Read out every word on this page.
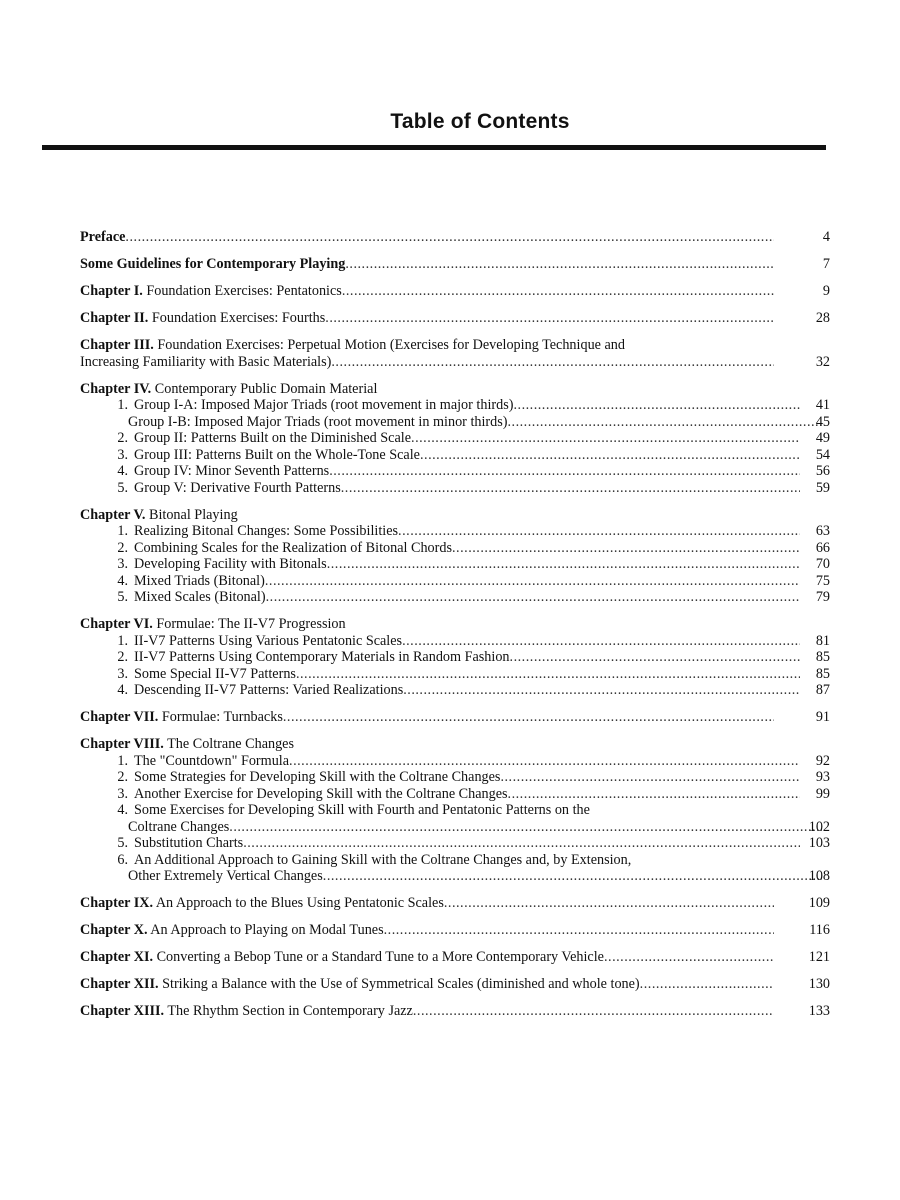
Table of Contents
Preface .....	4
Some Guidelines for Contemporary Playing .....	7
Chapter I. Foundation Exercises: Pentatonics .....	9
Chapter II. Foundation Exercises: Fourths .....	28
Chapter III. Foundation Exercises: Perpetual Motion (Exercises for Developing Technique and
Increasing Familiarity with Basic Materials) .....	32
Chapter IV. Contemporary Public Domain Material
1. Group I-A: Imposed Major Triads (root movement in major thirds) .....	41
Group I-B: Imposed Major Triads (root movement in minor thirds) .....	45
2. Group II: Patterns Built on the Diminished Scale .....	49
3. Group III: Patterns Built on the Whole-Tone Scale .....	54
4. Group IV: Minor Seventh Patterns .....	56
5. Group V: Derivative Fourth Patterns .....	59
Chapter V. Bitonal Playing
1. Realizing Bitonal Changes: Some Possibilities .....	63
2. Combining Scales for the Realization of Bitonal Chords .....	66
3. Developing Facility with Bitonals .....	70
4. Mixed Triads (Bitonal) .....	75
5. Mixed Scales (Bitonal) .....	79
Chapter VI. Formulae: The II-V7 Progression
1. II-V7 Patterns Using Various Pentatonic Scales .....	81
2. II-V7 Patterns Using Contemporary Materials in Random Fashion .....	85
3. Some Special II-V7 Patterns .....	85
4. Descending II-V7 Patterns: Varied Realizations .....	87
Chapter VII. Formulae: Turnbacks .....	91
Chapter VIII. The Coltrane Changes
1. The "Countdown" Formula .....	92
2. Some Strategies for Developing Skill with the Coltrane Changes .....	93
3. Another Exercise for Developing Skill with the Coltrane Changes .....	99
4. Some Exercises for Developing Skill with Fourth and Pentatonic Patterns on the
Coltrane Changes .....	102
5. Substitution Charts .....	103
6. An Additional Approach to Gaining Skill with the Coltrane Changes and, by Extension,
Other Extremely Vertical Changes .....	108
Chapter IX. An Approach to the Blues Using Pentatonic Scales .....	109
Chapter X. An Approach to Playing on Modal Tunes .....	116
Chapter XI. Converting a Bebop Tune or a Standard Tune to a More Contemporary Vehicle .....	121
Chapter XII. Striking a Balance with the Use of Symmetrical Scales (diminished and whole tone) .....	130
Chapter XIII. The Rhythm Section in Contemporary Jazz .....	133
